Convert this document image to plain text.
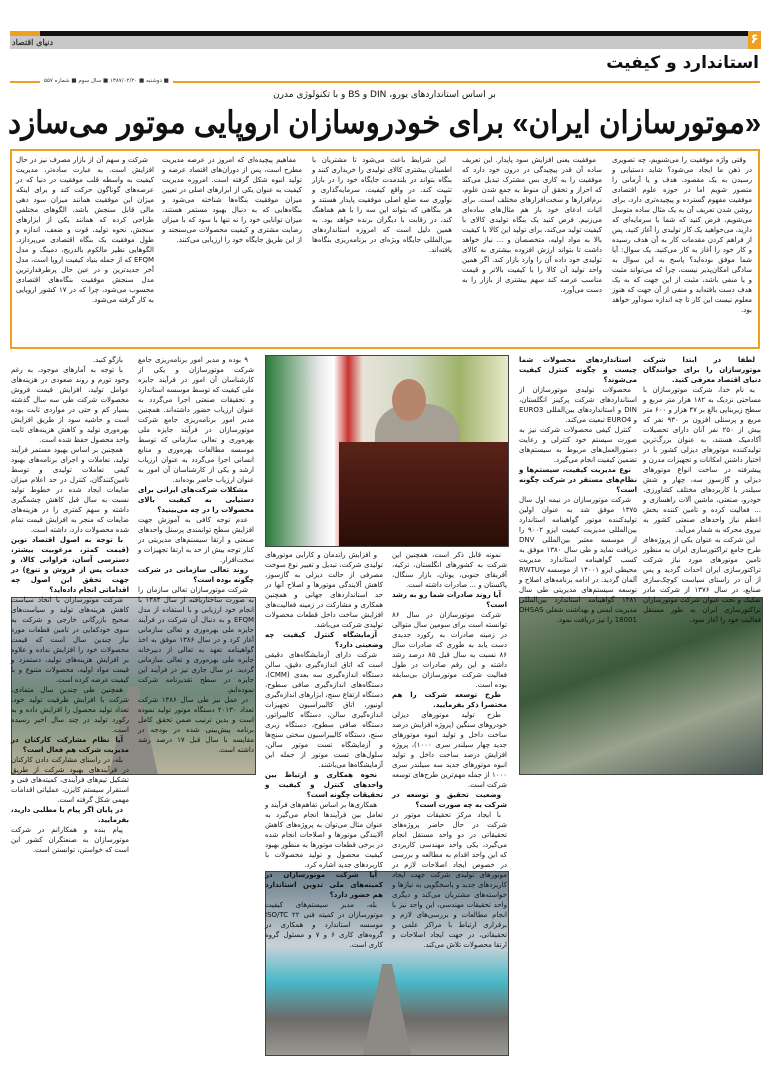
دنیای اقتصاد	۶
استاندارد و کیفیت
■ دوشنبه ■ ۱۳۸۷/۰۲/۲۰ ■ سال سوم ■ شماره ۵۵۷
بر اساس استانداردهای یورو، DIN و BS و با تکنولوژی مدرن
«موتورسازان ایران» برای خودروسازان اروپایی موتور می‌سازد

وقتی واژه موفقیت را می‌شنویم، چه تصویری در ذهن ما ایجاد می‌شود؟ شاید دستیابی و رسیدن به یک مقصود، هدف و یا آرمانی را متصور شویم اما در حوزه علوم اقتصادی موفقیت مفهوم گسترده و پیچیده‌تری دارد، برای روشن شدن تعریف آن به یک مثال ساده متوسل می‌شویم، فرض کنید که شما با سرمایه‌ای که دارید، می‌خواهید یک کار تولیدی را آغاز کنید، پس از فراهم کردن مقدمات کار به آن هدف رسیده و کار خود را آغاز به کار می‌کنید. یک سوال: آیا شما موفق بوده‌اید؟ پاسخ به این سوال به سادگی امکان‌پذیر نیست، چرا که می‌تواند مثبت و یا منفی باشد، مثبت از این جهت که به یک هدف دست یافته‌اید و منفی از آن جهت که هنوز معلوم نیست این کار تا چه اندازه سودآور خواهد بود.

موفقیت یعنی افزایش سود پایدار. این تعریف ساده آن قدر پیچیدگی در درون خود دارد که موفقیت را به کاری بس مشترک تبدیل می‌کند که احراز و تحقق آن منوط به جمع شدن علوم، نرم‌افزارها و سخت‌افزارهای مختلف است. برای اثبات ادعای خود باز هم مثال‌های ساده‌ای می‌زنیم. فرض کنید یک بنگاه تولیدی کالای با کیفیت تولید می‌کند، برای تولید این کالا با کیفیت بالا به مواد اولیه، متخصصان و ... نیاز خواهد داشت تا بتواند ارزش افزوده بیشتری به کالای تولیدی خود داده آن را وارد بازار کند. اگر همین واحد تولید آن کالا را با کیفیت بالاتر و قیمت مناسب عرضه کند سهم بیشتری از بازار را به دست می‌آورد.

این شرایط باعث می‌شود تا مشتریان با اطمینان بیشتری کالای تولیدی را خریداری کنند و بنگاه بتواند در بلندمدت جایگاه خود را در بازار تثبیت کند. در واقع کیفیت، سرمایه‌گذاری و نوآوری سه ضلع اصلی موفقیت پایدار هستند و هر بنگاهی که بتواند این سه را با هم هماهنگ کند، در رقابت با دیگران برنده خواهد بود. به همین دلیل است که امروزه استانداردهای بین‌المللی جایگاه ویژه‌ای در برنامه‌ریزی بنگاه‌ها یافته‌اند.

مفاهیم پیچیده‌ای که امروز در عرصه مدیریت مطرح است، پس از دوران‌های اقتصاد عرضه و تولید انبوه شکل گرفته است. امروزه مدیریت کیفیت به عنوان یکی از ابزارهای اصلی در تعیین میزان موفقیت بنگاه‌ها شناخته می‌شود و بنگاه‌هایی که به دنبال بهبود مستمر هستند، میزان توانایی خود را نه تنها با سود که با میزان رضایت مشتری و کیفیت محصولات می‌سنجند و از این طریق جایگاه خود را ارزیابی می‌کنند.

شرکت و سهم آن از بازار مصرف نیز در حال افزایش است. به عبارت ساده‌تر، مدیریت کیفیت به واسطه قلب موفقیت در دنیا که در عرصه‌های گوناگون حرکت کند و برای اینکه میزان این موفقیت همانند میزان سود دهی مالی قابل سنجش باشد، الگوهای مختلفی طراحی کرده که همانند یکی از ابزارهای سنجش، نحوه تولید، قوت و ضعف، اندازه و طول موفقیت یک بنگاه اقتصادی می‌پردازد. الگوهایی نظیر مالکوم بالدریج، دمینگ و مدل EFQM که از جمله بنیاد کیفیت اروپا است، مدل آخر جدیدترین و در عین حال پرطرفدارترین مدل سنجش موفقیت بنگاه‌های اقتصادی محسوب می‌شود، چرا که در ۱۷ کشور اروپایی به کار گرفته می‌شود.

لطفا در ابتدا شرکت موتورسازان را برای خوانندگان دنیای اقتصاد معرفی کنید.

به نام خدا، شرکت موتورسازان با مساحتی نزدیک به ۱۸۲ هزار متر مربع و سطح زیربنایی بالغ بر ۴۷ هزار و ۶۰۰ متر مربع و پرسنلی افزون بر ۹۳۰ نفر که بیش از ۲۵۰ نفر آنان دارای تحصیلات آکادمیک هستند، به عنوان بزرگ‌ترین تولیدکننده موتورهای دیزلی کشور با در اختیار داشتن امکانات و تجهیزات مدرن و پیشرفته در ساخت انواع موتورهای دیزلی و گازسوز سه، چهار و شش سیلندر با کاربردهای مختلف کشاورزی، خودرو، صنعتی، ماشین آلات راهسازی و ... فعالیت کرده و تامین کننده بخش اعظم نیاز واحدهای صنعتی کشور به نیروی محرکه به شمار می‌آید.

این شرکت به عنوان یکی از پروژه‌های طرح جامع تراکتورسازی ایران به منظور تامین موتورهای مورد نیاز شرکت تراکتورسازی ایران احداث گردید و پس از آن در راستای سیاست کوچک‌سازی صنایع، در سال ۱۳۷۶ از شرکت مادر تفکیک و تحت عنوان شرکت موتورسازان تراکتورسازی ایران به طور مستقل فعالیت خود را آغاز نمود.

استانداردهای محصولات شما چیست و چگونه کنترل کیفیت می‌شوند؟

محصولات تولیدی موتورسازان از استانداردهای شرکت پرکینز انگلستان، DIN و استانداردهای بین‌المللی EURO3 و EURO4 تبعیت می‌کند.

کنترل کیفی محصولات شرکت نیز به صورت سیستم خود کنترلی و رعایت دستورالعمل‌های مربوط به سیستم‌های تضمین کیفیت انجام می‌گیرد.

نوع مدیریت کیفیت، سیستم‌ها و نظام‌های مستقر در شرکت چگونه است؟

شرکت موتورسازان در نیمه اول سال ۱۳۷۵ موفق شد به عنوان اولین تولیدکننده موتور گواهینامه استاندارد بین‌المللی مدیریت کیفیت ایزو ۹۰۰۲ را از موسسه معتبر بین‌المللی DNV دریافت نماید و طی سال ۱۳۸۰ موفق به کسب گواهینامه استاندارد مدیریت محیطی ایزو ۱۴۰۰۱ از موسسه RWTUV آلمان گردید. در ادامه برنامه‌های اصلاح و توسعه سیستم‌های مدیریتی طی سال ۱۳۸۱ گواهینامه استاندارد بین‌المللی مدیریت ایمنی و بهداشت شغلی OHSAS 18001 را نیز دریافت نمود.

نمونه قابل ذکر است، همچنین این شرکت به کشورهای انگلستان، ترکیه، آفریقای جنوبی، یونان، بازار سنگال، پاکستان و ... صادرات داشته است.

آیا روند صادرات شما رو به رشد است؟

شرکت موتورسازان در سال ۸۶ توانسته است برای سومین سال متوالی در زمینه صادرات به رکورد جدیدی دست یابد به طوری که صادرات سال ۸۶ نسبت به سال قبل ۸۵ درصد رشد داشته و این رقم صادرات در طول فعالیت شرکت موتورسازان بی‌سابقه بوده است.

طرح توسعه شرکت را هم مختصرا ذکر بفرمایید.

طرح تولید موتورهای دیزلی خودروهای سنگین (پروژه افزایش درصد ساخت داخل و تولید انبوه موتورهای جدید چهار سیلندر سری ۱۰۰۰)، پروژه افزایش درصد ساخت داخل و تولید انبوه موتورهای جدید سه سیلندر سری ۱۰۰۰ از جمله مهم‌ترین طرح‌های توسعه شرکت است.

وضعیت تحقیق و توسعه در شرکت به چه صورت است؟

با ایجاد مرکز تحقیقات موتور در شرکت در حال حاضر پروژه‌های تحقیقاتی در دو واحد مستقل انجام می‌گیرد، یکی واحد مهندسی کاربردی که این واحد اقدام به مطالعه و بررسی در خصوص ایجاد اصلاحات لازم در موتورهای تولیدی شرکت جهت ایجاد کاربردهای جدید و پاسخگویی به نیازها و خواسته‌های مشتریان می‌کند و دیگری واحد تحقیقات مهندسی، این واحد نیز با انجام مطالعات و بررسی‌های لازم و برقراری ارتباط با مراکز علمی و تحقیقاتی، در جهت ایجاد اصلاحات و ارتقا محصولات تلاش می‌کند.

و افزایش راندمان و کارایی موتورهای تولیدی شرکت، تبدیل و تغییر نوع سوخت مصرفی از حالت دیزلی به گازسوز، کاهش آلایندگی موتورها و اصلاح آنها در حد استانداردهای جهانی و همچنین همکاری و مشارکت در زمینه فعالیت‌های افزایش ساخت داخل قطعات محصولات تولیدی شرکت می‌باشد.

آزمایشگاه کنترل کیفیت چه وضعیتی دارد؟

شرکت دارای آزمایشگاه‌های دقیقی است که اتاق اندازه‌گیری دقیق، سالن دستگاه اندازه‌گیری سه بعدی (CMM)، دستگاه‌های اندازه‌گیری صافی سطوح، دستگاه ارتفاع سنج، ابزارهای اندازه‌گیری اونیور، اتاق کالیبراسیون تجهیزات اندازه‌گیری سالن، دستگاه کالیبراتور، دستگاه صافی سطوح، دستگاه زبری سنج، دستگاه کالیبراسیون سختی سنج‌ها و آزمایشگاه تست موتور سالن، سلول‌های تست موتور از جمله این آزمایشگاه‌ها می‌باشند.

نحوه همکاری و ارتباط بین واحدهای کنترل و کیفیت و تحقیقات چگونه است؟

همکاری‌ها بر اساس تفاهم‌های فرآیند و تعامل بین فرآیندها انجام می‌گیرد به عنوان مثال می‌توان به پروژه‌های کاهش آلایندگی موتورها و اصلاحات انجام شده در برخی قطعات موتورها به منظور بهبود کیفیت محصول و تولید محصولات با کاربردهای جدید اشاره کرد.

آیا شرکت موتورسازان در کمیته‌های ملی تدوین استاندارد هم حضور دارد؟

بله، مدیر سیستم‌های کیفیت موتورسازان در کمیته فنی ۲۲ ISO/TC موسسه استاندارد و همکاری در گروه‌های کاری ۶ و ۷ و مسئول گروه کاری است.

۹ بوده و مدیر امور برنامه‌ریزی جامع شرکت موتورسازان و یکی از کارشناسان آن امور در فرآیند جایزه ملی کیفیت که توسط موسسه استاندارد و تحقیقات صنعتی اجرا می‌گردد به عنوان ارزیاب حضور داشته‌اند. همچنین مدیر امور برنامه‌ریزی جامع شرکت موتورسازان در فرآیند جایزه ملی بهره‌وری و تعالی سازمانی که توسط موسسه مطالعات بهره‌وری و منابع انسانی اجرا می‌گردد به عنوان ارزیاب ارشد و یکی از کارشناسان آن امور به عنوان ارزیاب حاضر بوده‌اند.

مشکلات شرکت‌های ایرانی برای دستیابی به کیفیت بالای محصولات را در چه می‌بینید؟

عدم توجه کافی به آموزش جهت افزایش سطح توانمندی پرسنل واحدهای صنعتی و ارتقا سیستم‌های مدیریتی در کنار توجه بیش از حد به ارتقا تجهیزات و سخت‌افزار.

روند تعالی سازمانی در شرکت چگونه بوده است؟

شرکت موتورسازان تعالی سازمان را به صورت ساختاریافته از سال ۱۳۸۴ با انجام خود ارزیابی و با استفاده از مدل EFQM و به دنبال آن شرکت در فرآیند جایزه ملی بهره‌وری و تعالی سازمانی آغاز کرد و در سال ۱۳۸۶ موفق به اخذ گواهینامه تعهد به تعالی از دبیرخانه جایزه ملی بهره‌وری و تعالی سازمانی گردید. در سال جاری نیز در فرآیند این جایزه در سطح تقدیرنامه شرکت نموده‌ایم.

در عمل نیز طی سال ۱۳۸۶ شرکت تعداد ۲۰۱۳۰ دستگاه موتور تولید نموده است و بدین ترتیب ضمن تحقق کامل برنامه پیش‌بینی شده در بودجه در مقایسه با سال قبل ۱۷ درصد رشد داشته است.

بازگو کنید.

با توجه به آمارهای موجود، به رغم وجود تورم و روند صعودی در هزینه‌های عوامل تولید، افزایش قیمت فروش محصولات شرکت طی سه سال گذشته بسیار کم و حتی در مواردی ثابت بوده است و حاشیه سود از طریق افزایش بهره‌وری تولید و کاهش هزینه‌های ثابت واحد محصول حفظ شده است.

همچنین بر اساس بهبود مستمر فرآیند تولید، تعاملات و اجرای برنامه‌های بهبود کیفی تعاملات تولیدی و توسط تامین‌کنندگان، کنترل در حد اعلام میزان ضایعات ایجاد شده در خطوط تولید نسبت به سال قبل کاهش چشمگیری داشته و سهم کمتری را در هزینه‌های ضایعات که منجر به افزایش قیمت تمام شده محصولات دارد، داشته است.

با توجه به اصول اقتصاد نوین (قیمت کمتر، مرغوبیت بیشتر، دسترسی آسان، فراوانی کالا، و خدمات پس از فروش و تنوع) در جهت تحقق این اصول چه اقداماتی انجام داده‌اید؟

شرکت موتورسازان با اتخاذ سیاست کاهش هزینه‌های تولید و سیاست‌های صحیح بازرگانی خارجی و شرکت به سوی خودکفایی در تامین قطعات مورد نیاز چندین سال است که قیمت محصولات خود را افزایش نداده و علاوه بر افزایش هزینه‌های تولید، دستمزد و قیمت مواد اولیه، محصولات متنوع و با کیفیت عرضه کرده است.

همچنین طی چندین سال متمادی، شرکت با افزایش ظرفیت تولید خود، تعداد تولید محصول را افزایش داده و به رکورد تولید در چند سال اخیر رسیده است.

آیا نظام مشارکت کارکنان در مدیریت شرکت هم فعال است؟

بله، در راستای مشارکت دادن کارکنان در فرآیندهای بهبود شرکت از طریق تشکیل تیم‌های فرآیندی، کمیته‌های فنی و استقرار سیستم کایزن، عملیاتی اقدامات مهمی شکل گرفته است.

در پایان اگر پیام یا مطلبی دارید، بفرمایید.

پیام بنده و همکارانم در شرکت موتورسازان به صنعتگران کشور این است که خواستن، توانستن است.
